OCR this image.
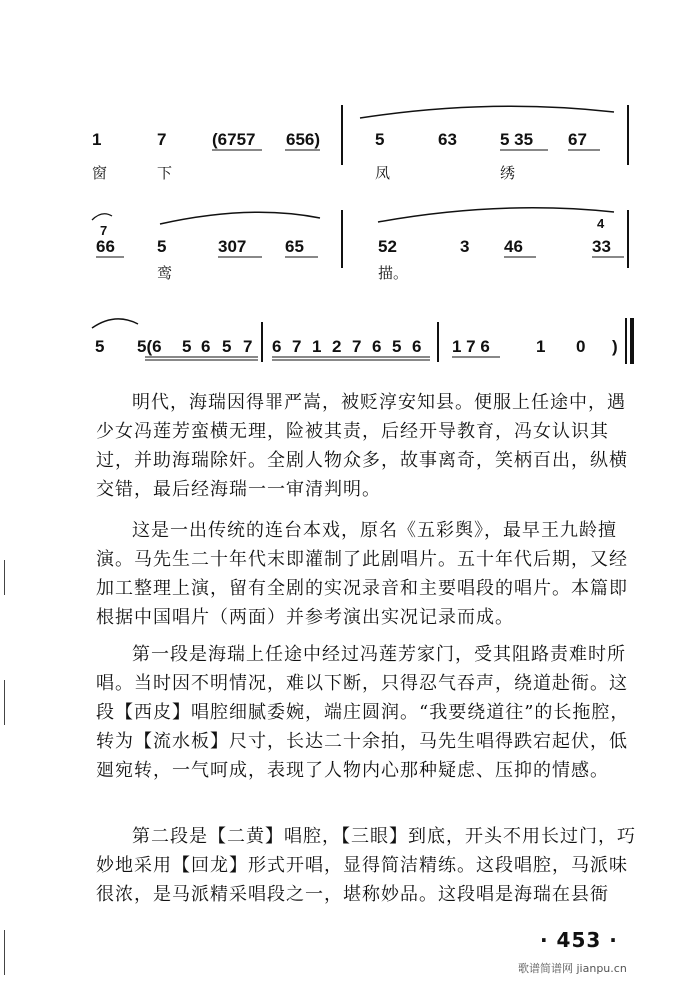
1	7	(6757 656)	5	63	5 35 67
窗	下	凤	绣
7	4
66 5	307 65	52	3 46	33
鸾	描。
5 5(6 5 6 5 7 6 7 1 2 7 6 5 6 1 7 6	1 0 )

明代，海瑞因得罪严嵩，被贬淳安知县。便服上任途中，遇少女冯莲芳蛮横无理，险被其责，后经开导教育，冯女认识其过，并助海瑞除奸。全剧人物众多，故事离奇，笑柄百出，纵横交错，最后经海瑞一一审清判明。

这是一出传统的连台本戏，原名《五彩舆》，最早王九龄擅演。马先生二十年代末即灌制了此剧唱片。五十年代后期，又经加工整理上演，留有全剧的实况录音和主要唱段的唱片。本篇即根据中国唱片（两面）并参考演出实况记录而成。

第一段是海瑞上任途中经过冯莲芳家门，受其阻路责难时所唱。当时因不明情况，难以下断，只得忍气吞声，绕道赴衙。这段【西皮】唱腔细腻委婉，端庄圆润。“我要绕道往”的长拖腔，转为【流水板】尺寸，长达二十余拍，马先生唱得跌宕起伏，低廻宛转，一气呵成，表现了人物内心那种疑虑、压抑的情感。

第二段是【二黄】唱腔，【三眼】到底，开头不用长过门，巧妙地采用【回龙】形式开唱，显得简洁精练。这段唱腔，马派味很浓，是马派精采唱段之一，堪称妙品。这段唱是海瑞在县衙

· 453 ·
歌谱简谱网 jianpu.cn
